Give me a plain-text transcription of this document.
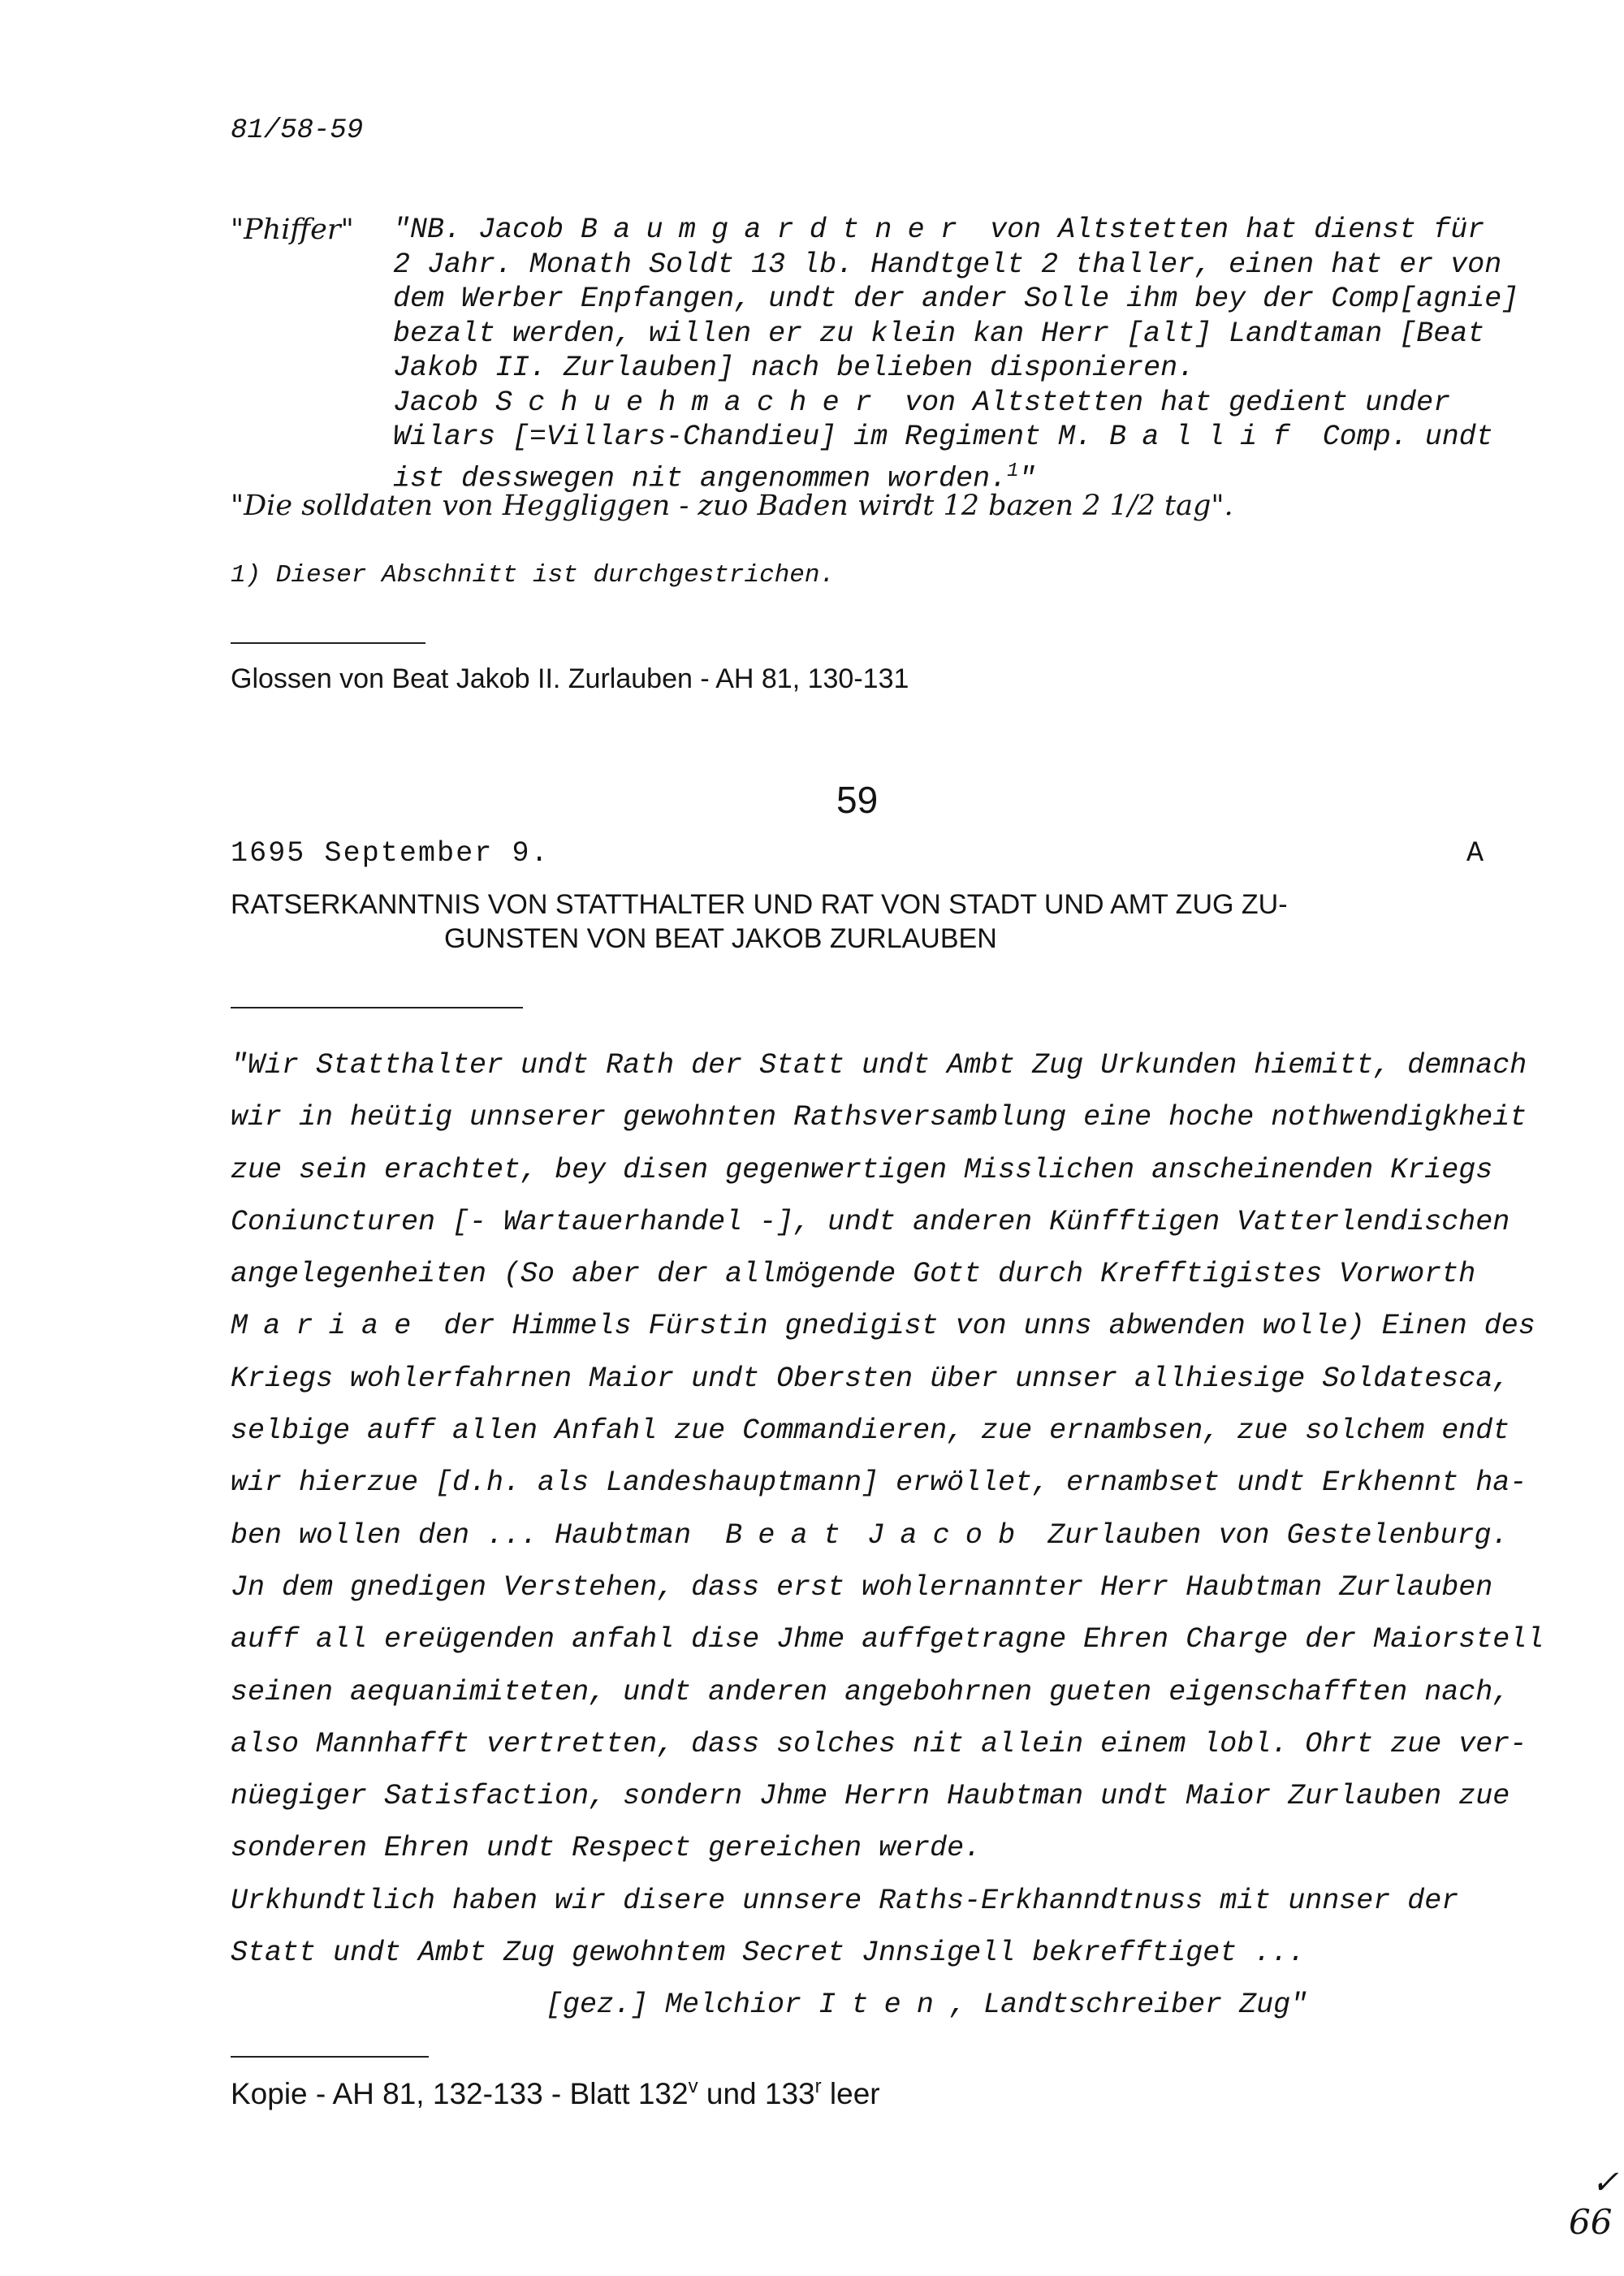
81/58-59
"Phiffer" "NB. Jacob Baumgardtner von Altstetten hat dienst für
2 Jahr. Monath Soldt 13 lb. Handtgelt 2 thaller, einen hat er von
dem Werber Enpfangen, undt der ander Solle ihm bey der Comp[agnie]
bezalt werden, willen er zu klein kan Herr [alt] Landtaman [Beat
Jakob II. Zurlauben] nach belieben disponieren.
Jacob Schuehmacher von Altstetten hat gedient under
Wilars [=Villars-Chandieu] im Regiment M. Ballif Comp. undt
ist desswegen nit angenommen worden.$^1$"
"Die solldaten von Heggliggen - zuo Baden wirdt 12 bazen 2 1/2 tag".
1) Dieser Abschnitt ist durchgestrichen.
Glossen von Beat Jakob II. Zurlauben - AH 81, 130-131
59
1695 September 9.	A
RATSERKANNTNIS VON STATTHALTER UND RAT VON STADT UND AMT ZUG ZU-
GUNSTEN VON BEAT JAKOB ZURLAUBEN
"Wir Statthalter undt Rath der Statt undt Ambt Zug Urkunden hiemitt, demnach
wir in heütig unnserer gewohnten Rathsversamblung eine hoche nothwendigkheit
zue sein erachtet, bey disen gegenwertigen Misslichen anscheinenden Kriegs
Coniuncturen [- Wartauerhandel -], undt anderen Künfftigen Vatterlendischen
angelegenheiten (So aber der allmögende Gott durch Krefftigistes Vorworth
Mariae der Himmels Fürstin gnedigist von unns abwenden wolle) Einen des
Kriegs wohlerfahrnen Maior undt Obersten über unnser allhiesige Soldatesca,
selbige auff allen Anfahl zue Commandieren, zue ernambsen, zue solchem endt
wir hierzue [d.h. als Landeshauptmann] erwöllet, ernambset undt Erkhennt ha-
ben wollen den ... Haubtman Beat Jacob Zurlauben von Gestelenburg.
Jn dem gnedigen Verstehen, dass erst wohlernannter Herr Haubtman Zurlauben
auff all ereügenden anfahl dise Jhme auffgetragne Ehren Charge der Maiorstell
seinen aequanimiteten, undt anderen angebohrnen gueten eigenschafften nach,
also Mannhafft vertretten, dass solches nit allein einem lobl. Ohrt zue ver-
nüegiger Satisfaction, sondern Jhme Herrn Haubtman undt Maior Zurlauben zue
sonderen Ehren undt Respect gereichen werde.
Urkhundtlich haben wir disere unnsere Raths-Erkhanndtnuss mit unnser der
Statt undt Ambt Zug gewohntem Secret Jnnsigell bekrefftiget ...
[gez.] Melchior Iten, Landtschreiber Zug"
Kopie - AH 81, 132-133 - Blatt 132$^v$ und 133$^r$ leer
✓
66
